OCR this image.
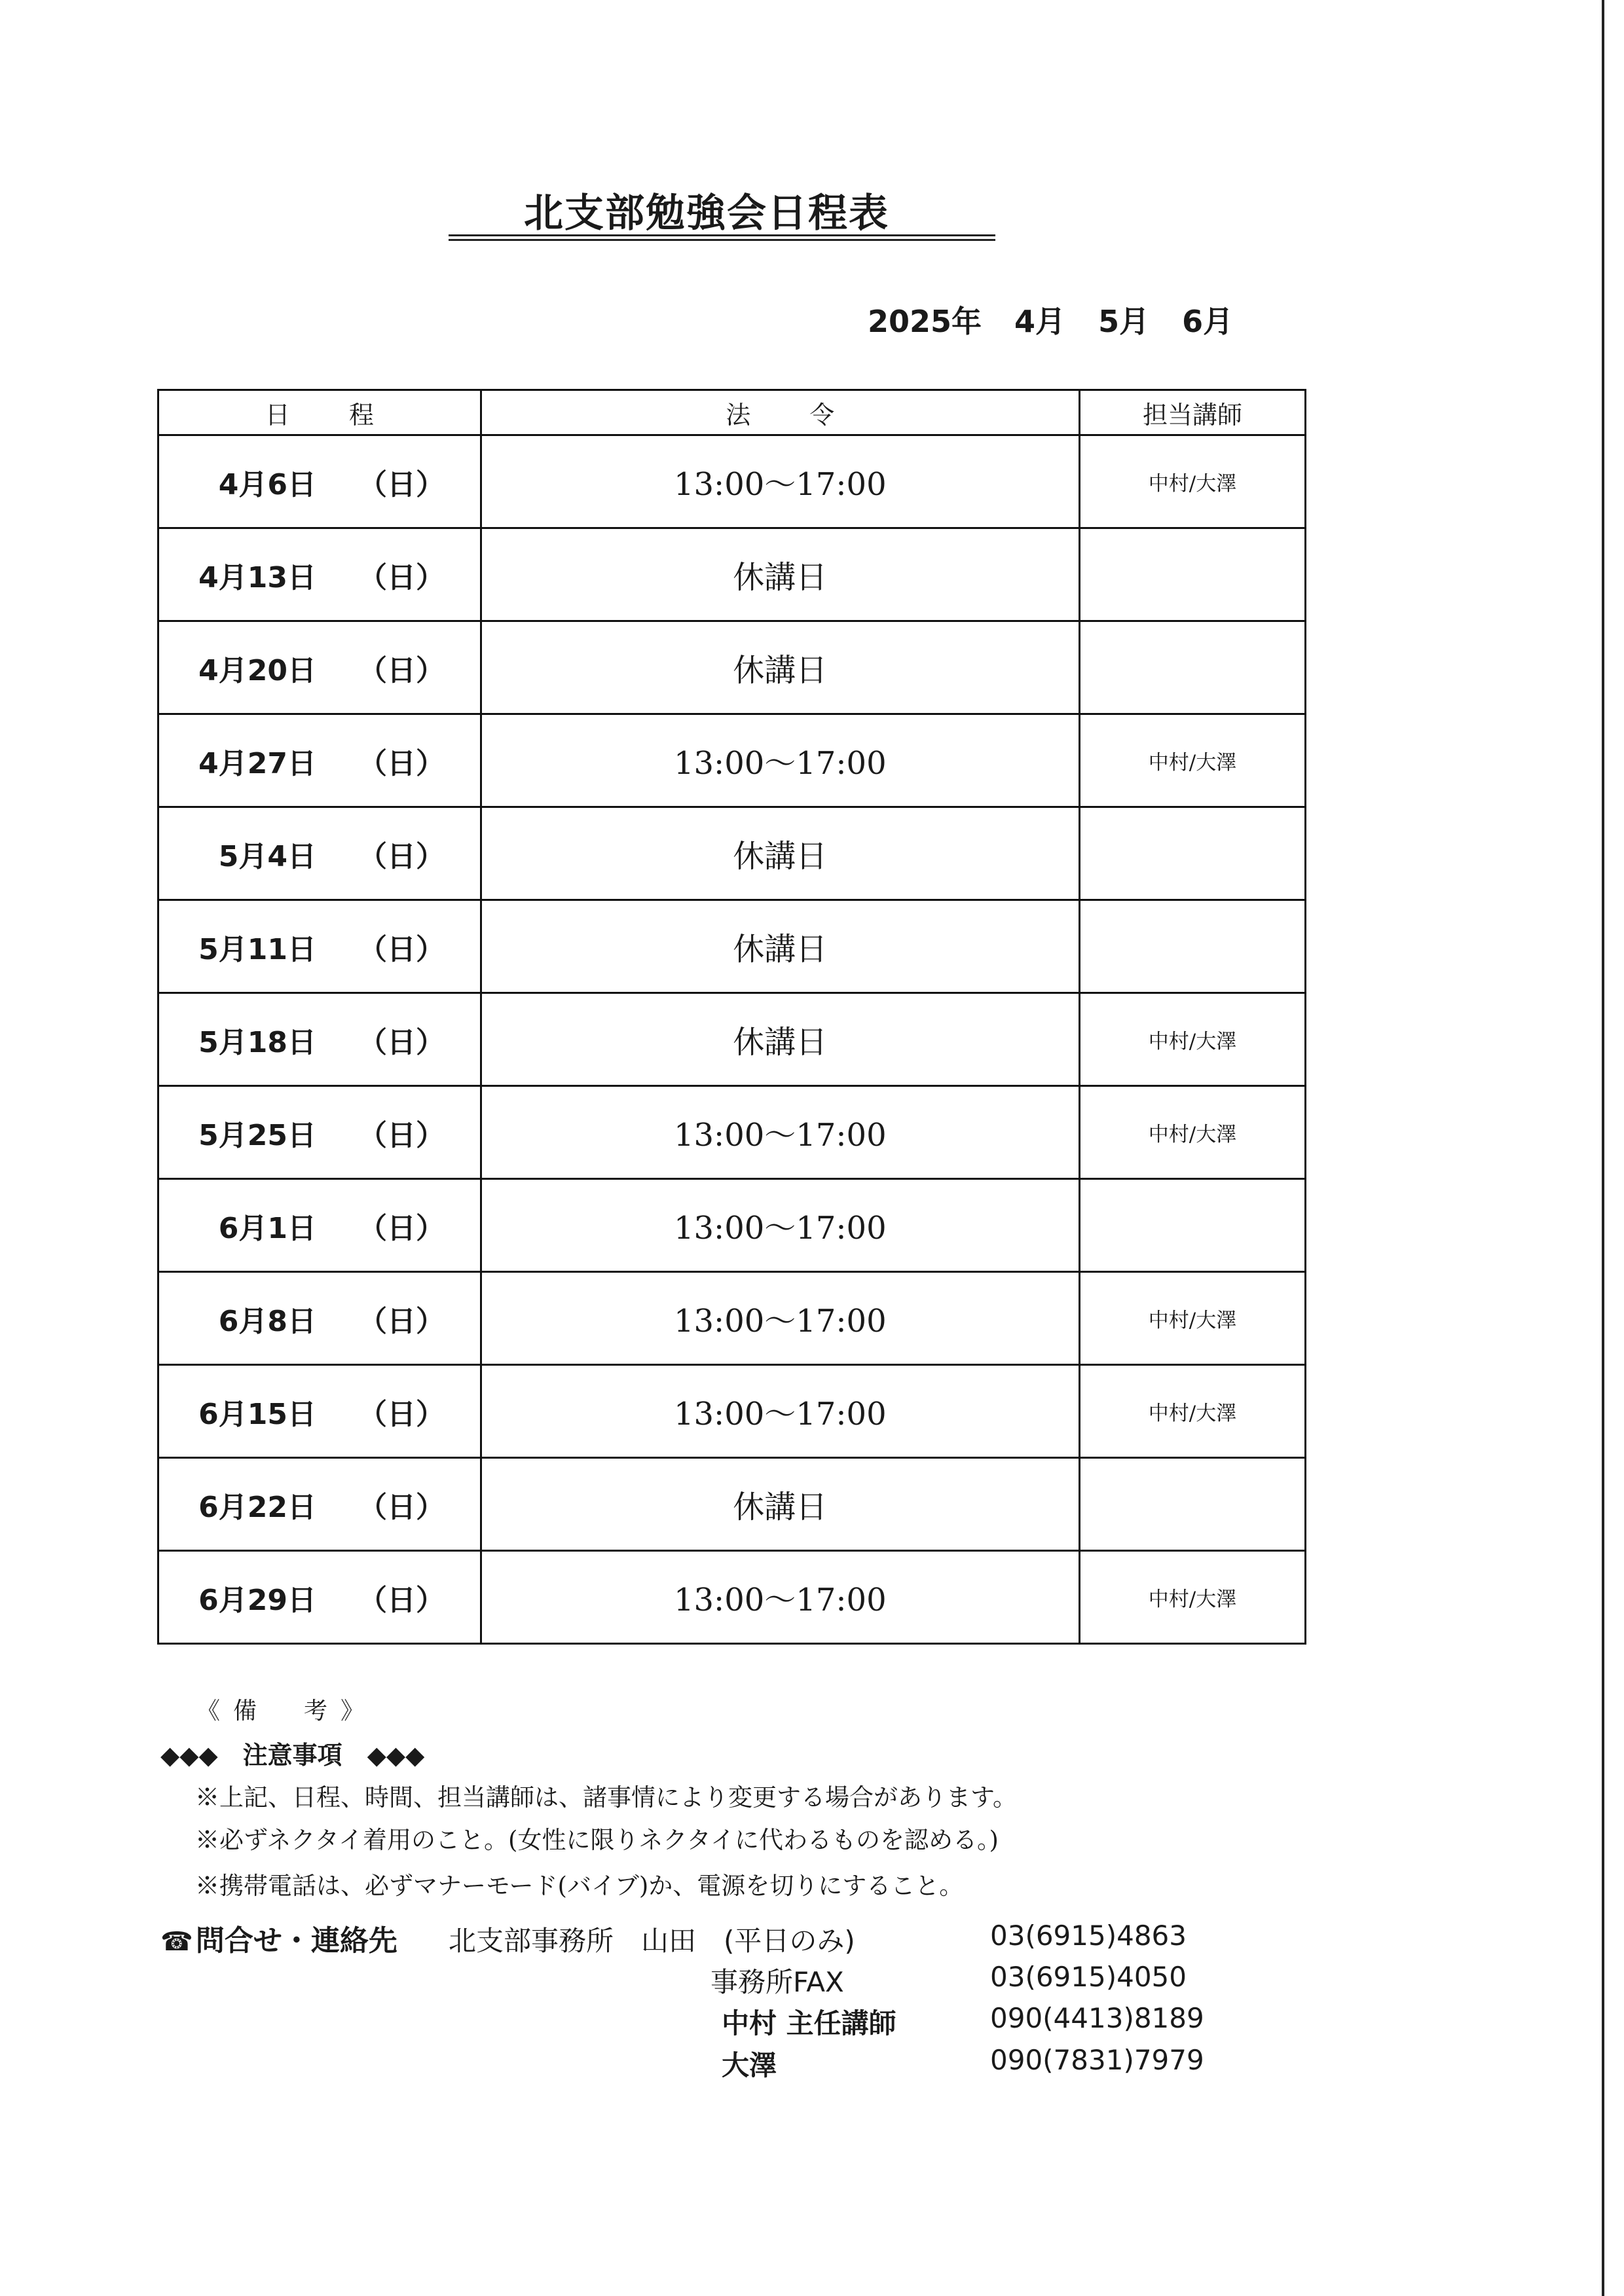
北支部勉強会日程表
2025年 4月 5月 6月
日程	法令	担当講師
4月6日 （日）	13:00～17:00	中村/大澤
4月13日 （日）	休講日	
4月20日 （日）	休講日	
4月27日 （日）	13:00～17:00	中村/大澤
5月4日 （日）	休講日	
5月11日 （日）	休講日	
5月18日 （日）	休講日	中村/大澤
5月25日 （日）	13:00～17:00	中村/大澤
6月1日 （日）	13:00～17:00	
6月8日 （日）	13:00～17:00	中村/大澤
6月15日 （日）	13:00～17:00	中村/大澤
6月22日 （日）	休講日	
6月29日 （日）	13:00～17:00	中村/大澤
《 備　　考 》
◆◆◆　注意事項　◆◆◆
※上記、日程、時間、担当講師は、諸事情により変更する場合があります。
※必ずネクタイ着用のこと。(女性に限りネクタイに代わるものを認める。)
※携帯電話は、必ずマナーモード(バイブ)か、電源を切りにすること。
☎問合せ・連絡先 北支部事務所　山田　(平日のみ)	03(6915)4863
事務所FAX	03(6915)4050
中村 主任講師	090(4413)8189
大澤	090(7831)7979
